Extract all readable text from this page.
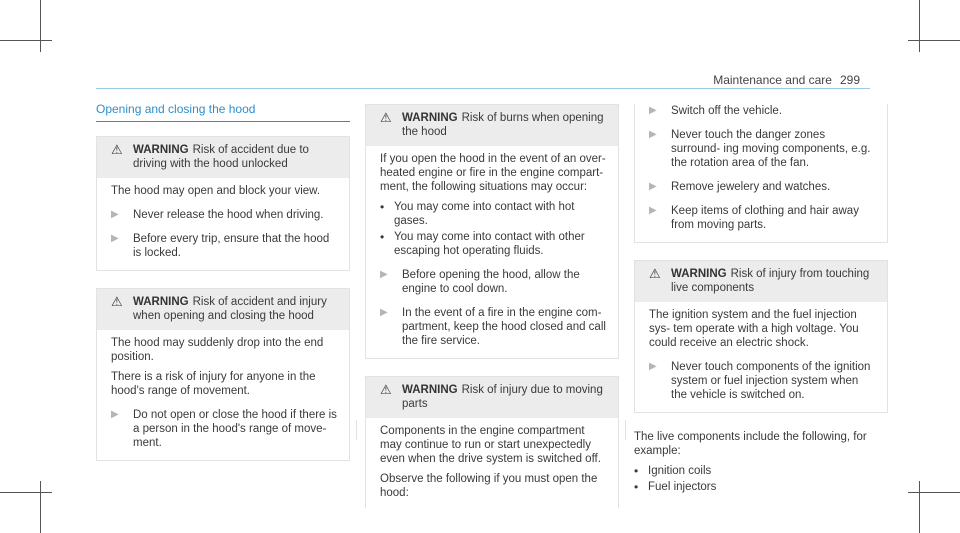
Maintenance and care 299
Opening and closing the hood
⚠ WARNING Risk of accident due to driving with the hood unlocked

The hood may open and block your view.

▶	Never release the hood when driving.
▶	Before every trip, ensure that the hood is locked.
⚠ WARNING Risk of accident and injury when opening and closing the hood

The hood may suddenly drop into the end position.

There is a risk of injury for anyone in the hood's range of movement.

▶	Do not open or close the hood if there is a person in the hood's range of move- ment.
⚠ WARNING Risk of burns when opening the hood

If you open the hood in the event of an over- heated engine or fire in the engine compart- ment, the following situations may occur:

• You may come into contact with hot gases.
• You may come into contact with other escaping hot operating fluids.
▶	Before opening the hood, allow the engine to cool down.
▶	In the event of a fire in the engine com- partment, keep the hood closed and call the fire service.
⚠ WARNING Risk of injury due to moving parts

Components in the engine compartment may continue to run or start unexpectedly even when the drive system is switched off.

Observe the following if you must open the hood:

▶	Switch off the vehicle.
▶	Never touch the danger zones surround- ing moving components, e.g. the rotation area of the fan.
▶	Remove jewelery and watches.
▶	Keep items of clothing and hair away from moving parts.
⚠ WARNING Risk of injury from touching live components

The ignition system and the fuel injection sys- tem operate with a high voltage. You could receive an electric shock.

▶	Never touch components of the ignition system or fuel injection system when the vehicle is switched on.

The live components include the following, for example:

• Ignition coils
• Fuel injectors
